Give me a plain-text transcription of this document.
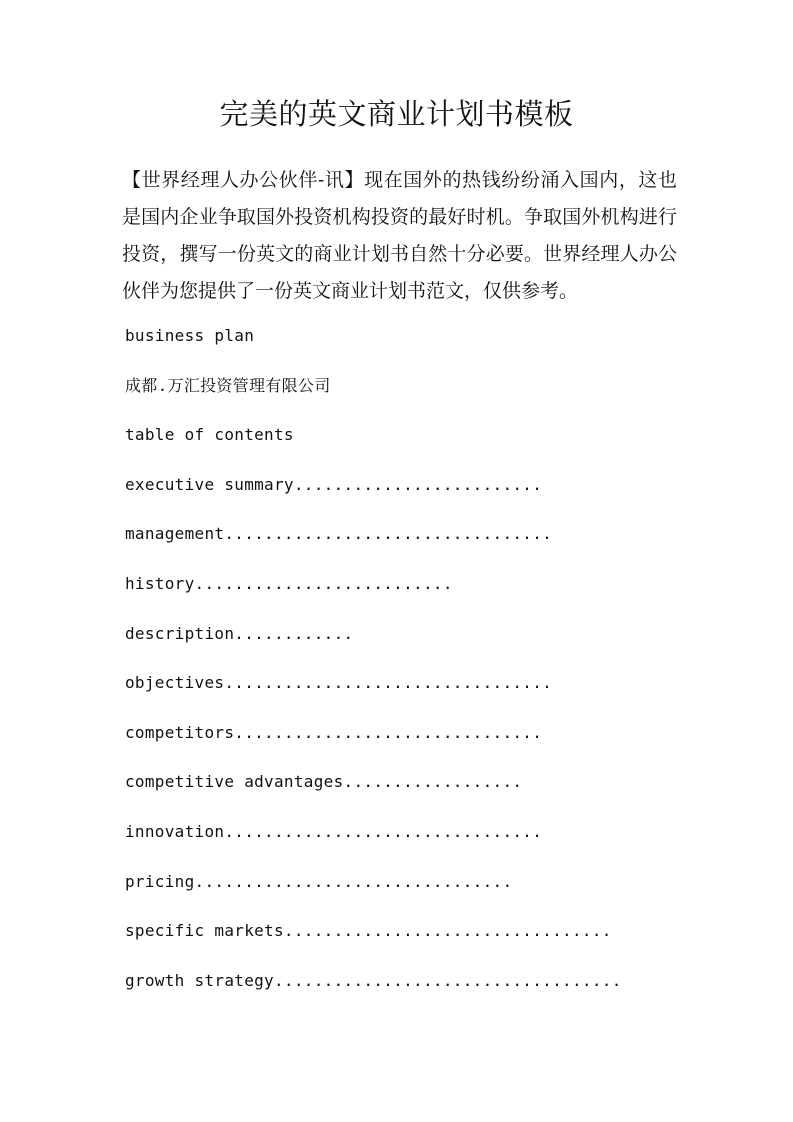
完美的英文商业计划书模板

【世界经理人办公伙伴-讯】现在国外的热钱纷纷涌入国内，这也是国内企业争取国外投资机构投资的最好时机。争取国外机构进行投资，撰写一份英文的商业计划书自然十分必要。世界经理人办公伙伴为您提供了一份英文商业计划书范文，仅供参考。

business plan
成都.万汇投资管理有限公司
table of contents
executive summary.........................
management.................................
history..........................
description............
objectives.................................
competitors...............................
competitive advantages..................
innovation................................
pricing................................
specific markets.................................
growth strategy...................................
